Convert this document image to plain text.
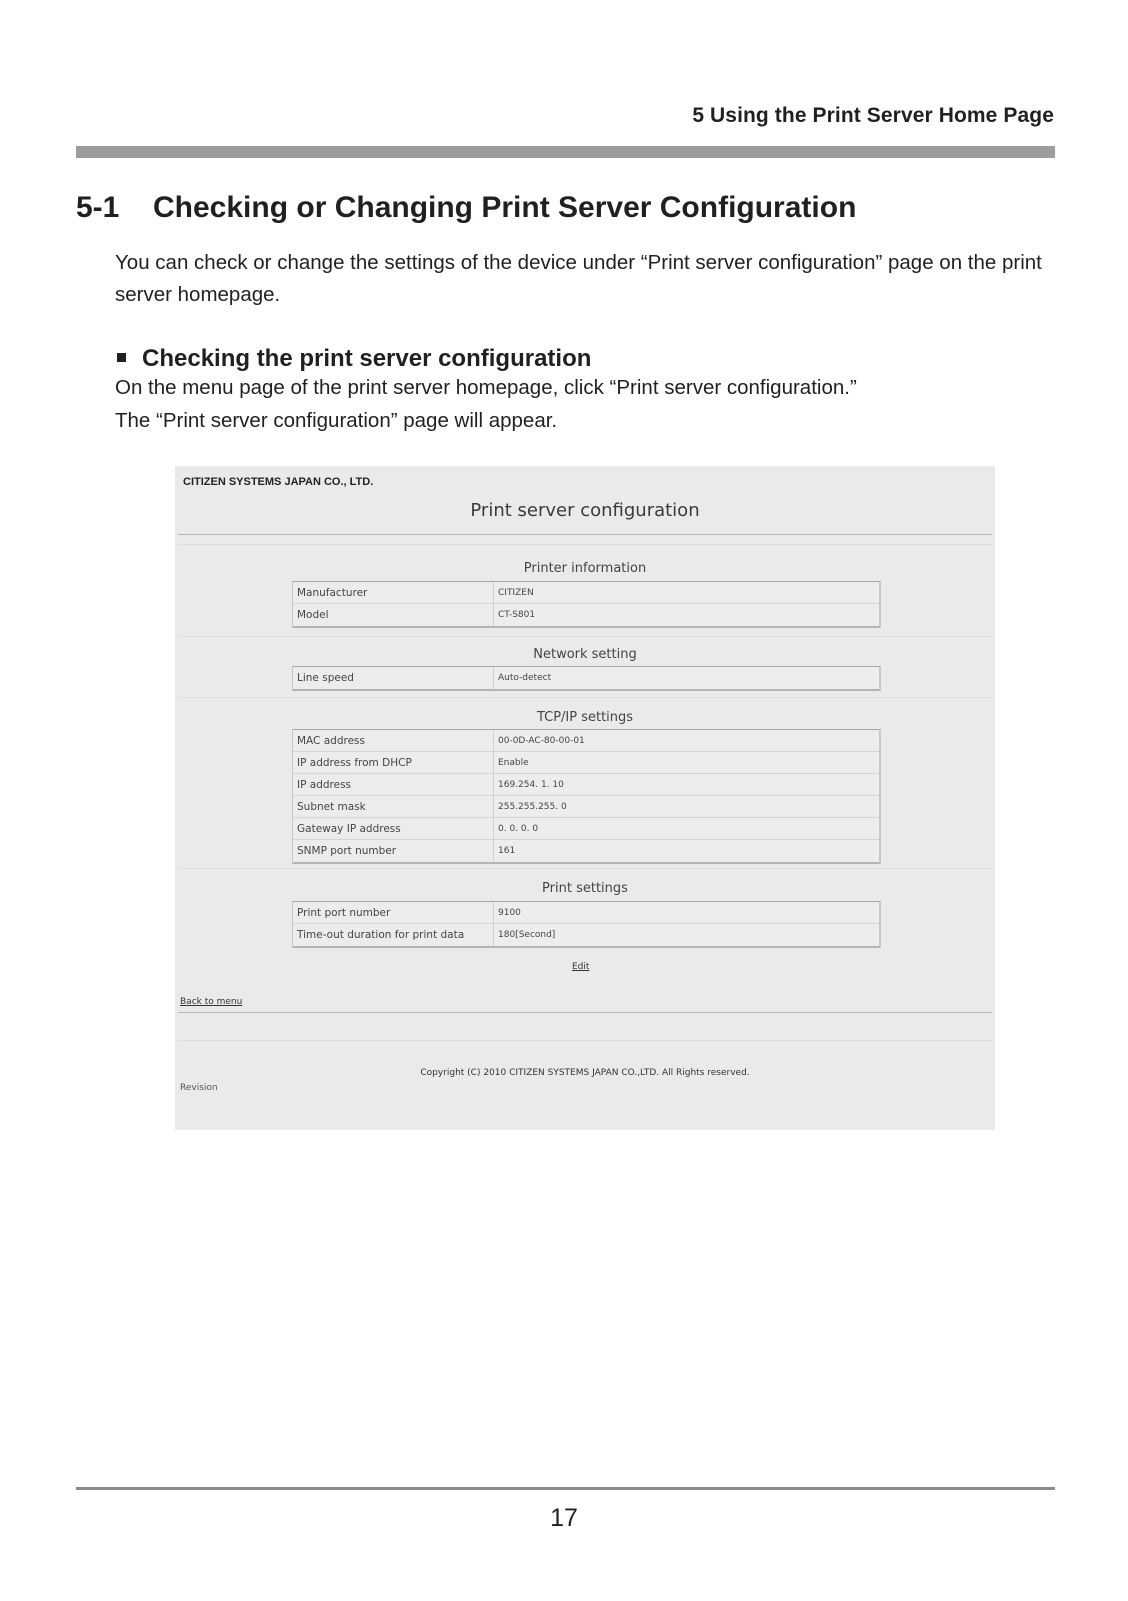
5 Using the Print Server Home Page
5-1 Checking or Changing Print Server Configuration
You can check or change the settings of the device under “Print server configuration” page on the print server homepage.
Checking the print server configuration
On the menu page of the print server homepage, click “Print server configuration.”
The “Print server configuration” page will appear.
CITIZEN SYSTEMS JAPAN CO., LTD.
Print server configuration
Printer information
Manufacturer	CITIZEN
Model	CT-S801
Network setting
Line speed	Auto-detect
TCP/IP settings
MAC address	00-0D-AC-80-00-01
IP address from DHCP	Enable
IP address	169.254. 1. 10
Subnet mask	255.255.255. 0
Gateway IP address	0. 0. 0. 0
SNMP port number	161
Print settings
Print port number	9100
Time-out duration for print data	180[Second]
Edit
Back to menu
Copyright (C) 2010 CITIZEN SYSTEMS JAPAN CO.,LTD. All Rights reserved.
Revision
17
